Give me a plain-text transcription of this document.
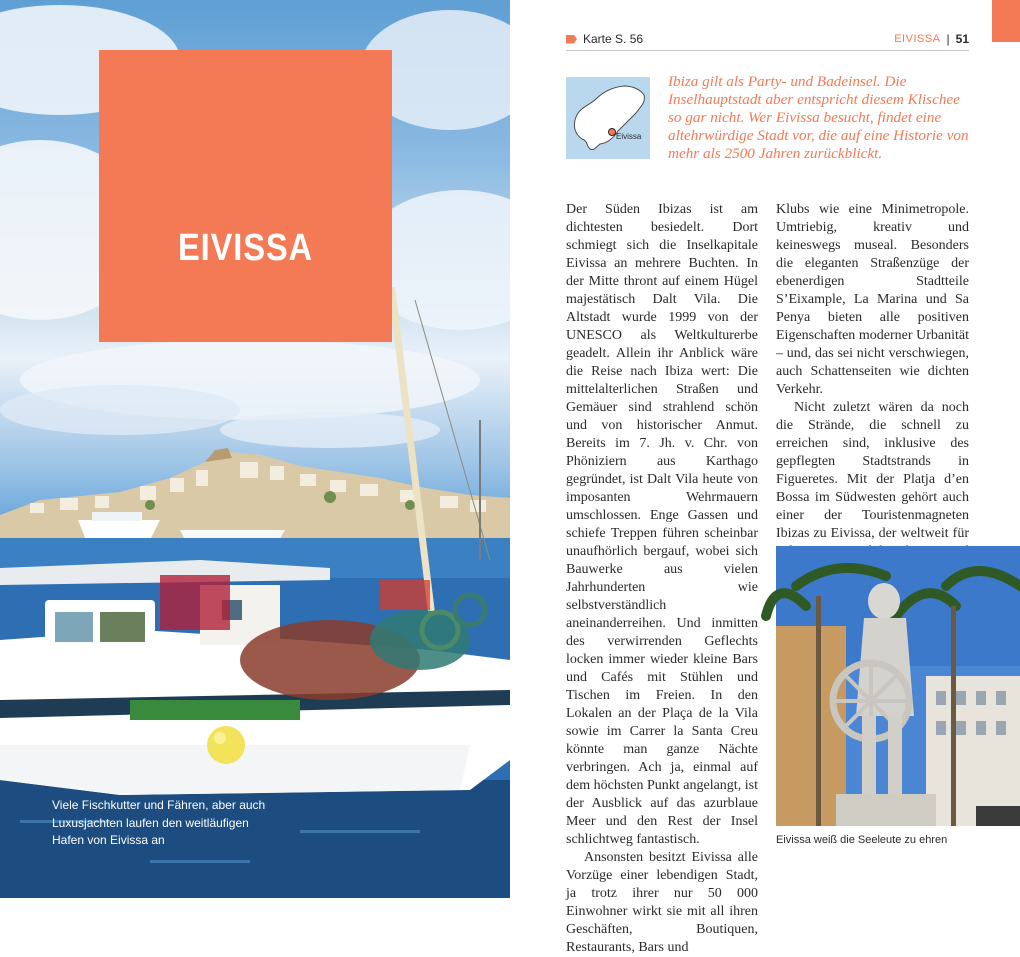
EIVISSA
Viele Fischkutter und Fähren, aber auch Luxusjachten laufen den weitläufigen Hafen von Eivissa an
Karte S. 56	EIVISSA | 51
Eivissa
Ibiza gilt als Party- und Badeinsel. Die Inselhauptstadt aber entspricht diesem Klischee so gar nicht. Wer Eivissa besucht, findet eine altehrwürdige Stadt vor, die auf eine Historie von mehr als 2500 Jahren zurückblickt.

Der Süden Ibizas ist am dichtesten besiedelt. Dort schmiegt sich die Inselkapitale Eivissa an mehrere Buchten. In der Mitte thront auf einem Hügel majestätisch Dalt Vila. Die Altstadt wurde 1999 von der UNESCO als Weltkulturerbe geadelt. Allein ihr Anblick wäre die Reise nach Ibiza wert: Die mittelalterlichen Straßen und Gemäuer sind strahlend schön und von historischer Anmut. Bereits im 7. Jh. v. Chr. von Phöniziern aus Karthago gegründet, ist Dalt Vila heute von imposanten Wehrmauern umschlossen. Enge Gassen und schiefe Treppen führen scheinbar unaufhörlich bergauf, wobei sich Bauwerke aus vielen Jahrhunderten wie selbstverständlich aneinanderreihen. Und inmitten des verwirrenden Geflechts locken immer wieder kleine Bars und Cafés mit Stühlen und Tischen im Freien. In den Lokalen an der Plaça de la Vila sowie im Carrer la Santa Creu könnte man ganze Nächte verbringen. Ach ja, einmal auf dem höchsten Punkt angelangt, ist der Ausblick auf das azurblaue Meer und den Rest der Insel schlichtweg fantastisch.

Ansonsten besitzt Eivissa alle Vorzüge einer lebendigen Stadt, ja trotz ihrer nur 50 000 Einwohner wirkt sie mit all ihren Geschäften, Boutiquen, Restaurants, Bars und

Klubs wie eine Minimetropole. Umtriebig, kreativ und keineswegs museal. Besonders die eleganten Straßenzüge der ebenerdigen Stadtteile S’Eixample, La Marina und Sa Penya bieten alle positiven Eigenschaften moderner Urbanität – und, das sei nicht verschwiegen, auch Schattenseiten wie dichten Verkehr.

Nicht zuletzt wären da noch die Strände, die schnell zu erreichen sind, inklusive des gepflegten Stadtstrands in Figueretes. Mit der Platja d’en Bossa im Südwesten gehört auch einer der Touristenmagneten Ibizas zu Eivissa, der weltweit für

Eivissa weiß die Seeleute zu ehren
